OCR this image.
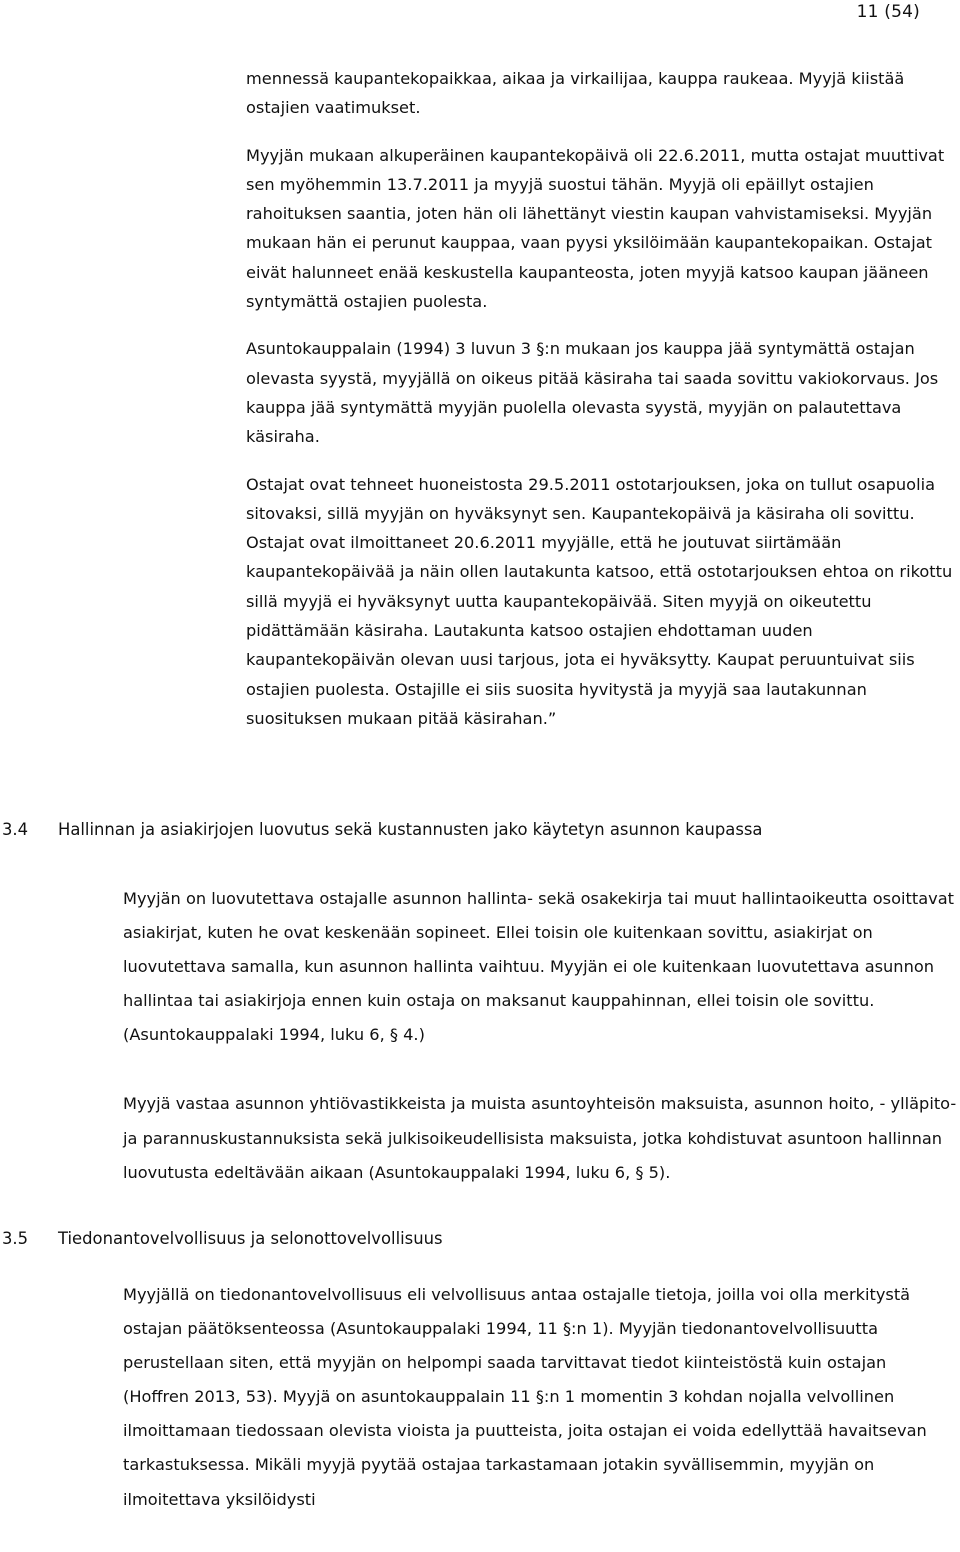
11 (54)

mennessä kaupantekopaikkaa, aikaa ja virkailijaa, kauppa raukeaa. Myyjä kiistää ostajien vaatimukset.

Myyjän mukaan alkuperäinen kaupantekopäivä oli 22.6.2011, mutta ostajat muuttivat sen myöhemmin 13.7.2011 ja myyjä suostui tähän. Myyjä oli epäillyt ostajien rahoituksen saantia, joten hän oli lähettänyt viestin kaupan vahvistamiseksi. Myyjän mukaan hän ei perunut kauppaa, vaan pyysi yksilöimään kaupantekopaikan. Ostajat eivät halunneet enää keskustella kaupanteosta, joten myyjä katsoo kaupan jääneen syntymättä ostajien puolesta.

Asuntokauppalain (1994) 3 luvun 3 §:n mukaan jos kauppa jää syntymättä ostajan olevasta syystä, myyjällä on oikeus pitää käsiraha tai saada sovittu vakiokorvaus. Jos kauppa jää syntymättä myyjän puolella olevasta syystä, myyjän on palautettava käsiraha.

Ostajat ovat tehneet huoneistosta 29.5.2011 ostotarjouksen, joka on tullut osapuolia sitovaksi, sillä myyjän on hyväksynyt sen. Kaupantekopäivä ja käsiraha oli sovittu. Ostajat ovat ilmoittaneet 20.6.2011 myyjälle, että he joutuvat siirtämään kaupantekopäivää ja näin ollen lautakunta katsoo, että ostotarjouksen ehtoa on rikottu sillä myyjä ei hyväksynyt uutta kaupantekopäivää. Siten myyjä on oikeutettu pidättämään käsiraha. Lautakunta katsoo ostajien ehdottaman uuden kaupantekopäivän olevan uusi tarjous, jota ei hyväksytty. Kaupat peruuntuivat siis ostajien puolesta. Ostajille ei siis suosita hyvitystä ja myyjä saa lautakunnan suosituksen mukaan pitää käsirahan.”

3.4 Hallinnan ja asiakirjojen luovutus sekä kustannusten jako käytetyn asunnon kaupassa

Myyjän on luovutettava ostajalle asunnon hallinta- sekä osakekirja tai muut hallintaoikeutta osoittavat asiakirjat, kuten he ovat keskenään sopineet. Ellei toisin ole kuitenkaan sovittu, asiakirjat on luovutettava samalla, kun asunnon hallinta vaihtuu. Myyjän ei ole kuitenkaan luovutettava asunnon hallintaa tai asiakirjoja ennen kuin ostaja on maksanut kauppahinnan, ellei toisin ole sovittu. (Asuntokauppalaki 1994, luku 6, § 4.)

Myyjä vastaa asunnon yhtiövastikkeista ja muista asuntoyhteisön maksuista, asunnon hoito, - ylläpito- ja parannuskustannuksista sekä julkisoikeudellisista maksuista, jotka kohdistuvat asuntoon hallinnan luovutusta edeltävään aikaan (Asuntokauppalaki 1994, luku 6, § 5).

3.5 Tiedonantovelvollisuus ja selonottovelvollisuus

Myyjällä on tiedonantovelvollisuus eli velvollisuus antaa ostajalle tietoja, joilla voi olla merkitystä ostajan päätöksenteossa (Asuntokauppalaki 1994, 11 §:n 1). Myyjän tiedonantovelvollisuutta perustellaan siten, että myyjän on helpompi saada tarvittavat tiedot kiinteistöstä kuin ostajan (Hoffren 2013, 53). Myyjä on asuntokauppalain 11 §:n 1 momentin 3 kohdan nojalla velvollinen ilmoittamaan tiedossaan olevista vioista ja puutteista, joita ostajan ei voida edellyttää havaitsevan tarkastuksessa. Mikäli myyjä pyytää ostajaa tarkastamaan jotakin syvällisemmin, myyjän on ilmoitettava yksilöidysti
